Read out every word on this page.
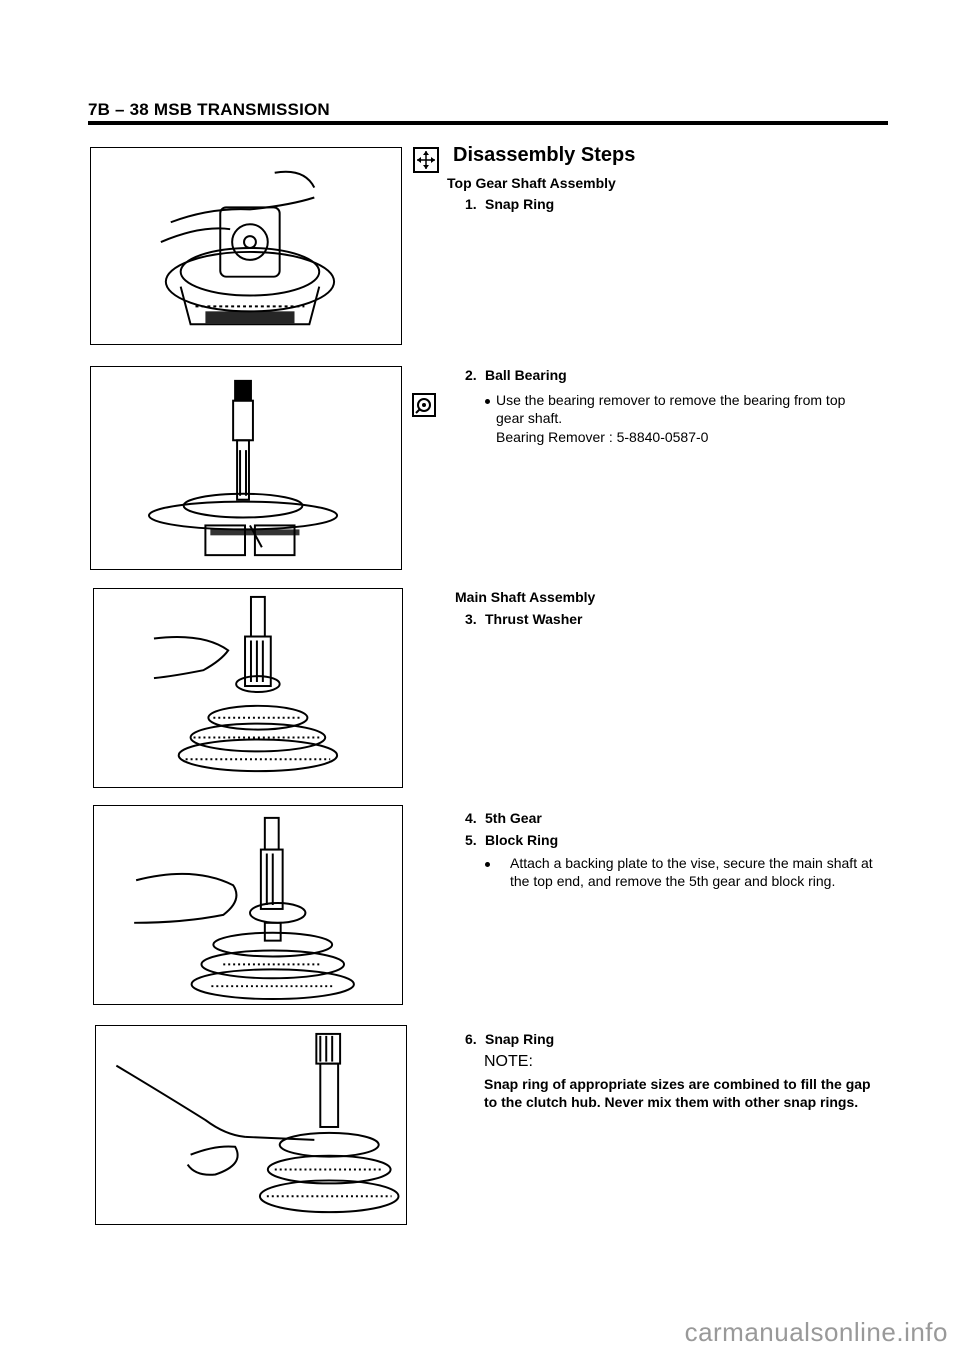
7B – 38 MSB TRANSMISSION
Disassembly Steps
Top Gear Shaft Assembly
1. Snap Ring
2. Ball Bearing
Use the bearing remover to remove the bearing from top gear shaft.
Bearing Remover : 5-8840-0587-0
Main Shaft Assembly
3. Thrust Washer
4. 5th Gear
5. Block Ring
Attach a backing plate to the vise, secure the main shaft at the top end, and remove the 5th gear and block ring.
6. Snap Ring
NOTE:
Snap ring of appropriate sizes are combined to fill the gap to the clutch hub. Never mix them with other snap rings.
carmanualsonline.info
